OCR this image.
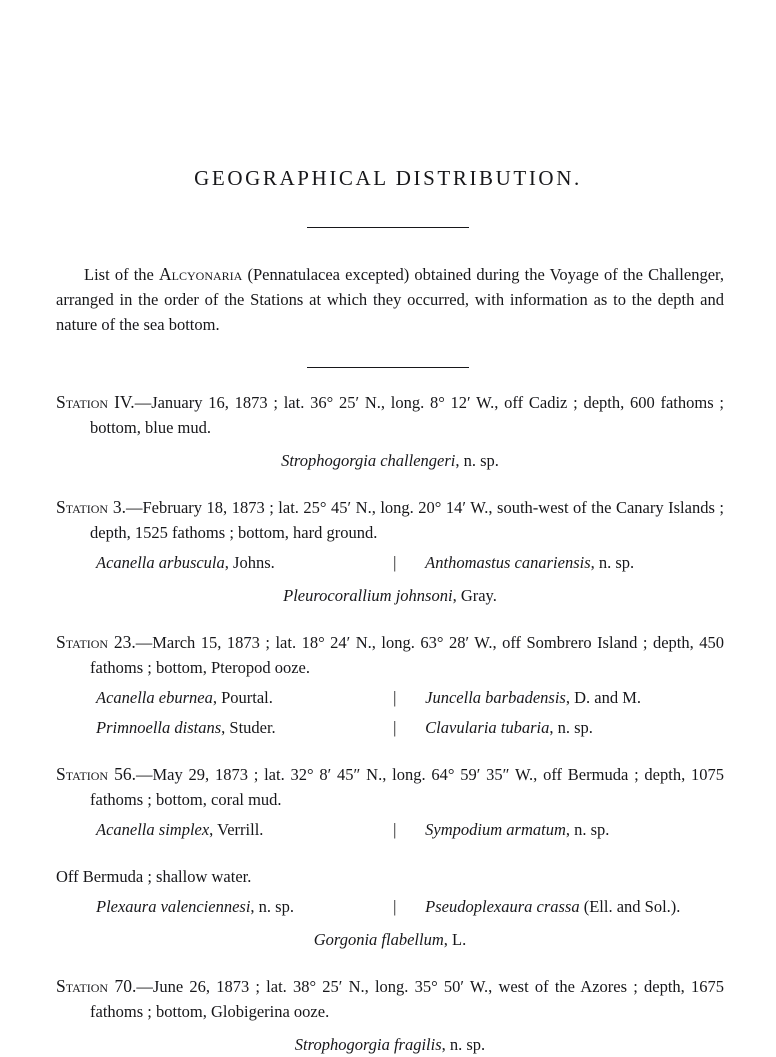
GEOGRAPHICAL DISTRIBUTION.

List of the Alcyonaria (Pennatulacea excepted) obtained during the Voyage of the Challenger, arranged in the order of the Stations at which they occurred, with information as to the depth and nature of the sea bottom.

Station IV.—January 16, 1873 ; lat. 36° 25′ N., long. 8° 12′ W., off Cadiz ; depth, 600 fathoms ; bottom, blue mud.
Strophogorgia challengeri, n. sp.
Station 3.—February 18, 1873 ; lat. 25° 45′ N., long. 20° 14′ W., south-west of the Canary Islands ; depth, 1525 fathoms ; bottom, hard ground.
Acanella arbuscula, Johns.	| Anthomastus canariensis, n. sp.
Pleurocorallium johnsoni, Gray.
Station 23.—March 15, 1873 ; lat. 18° 24′ N., long. 63° 28′ W., off Sombrero Island ; depth, 450 fathoms ; bottom, Pteropod ooze.
Acanella eburnea, Pourtal.	| Juncella barbadensis, D. and M.
Primnoella distans, Studer.	| Clavularia tubaria, n. sp.
Station 56.—May 29, 1873 ; lat. 32° 8′ 45″ N., long. 64° 59′ 35″ W., off Bermuda ; depth, 1075 fathoms ; bottom, coral mud.
Acanella simplex, Verrill.	| Sympodium armatum, n. sp.
Off Bermuda ; shallow water.
Plexaura valenciennesi, n. sp.	| Pseudoplexaura crassa (Ell. and Sol.).
Gorgonia flabellum, L.
Station 70.—June 26, 1873 ; lat. 38° 25′ N., long. 35° 50′ W., west of the Azores ; depth, 1675 fathoms ; bottom, Globigerina ooze.
Strophogorgia fragilis, n. sp.
